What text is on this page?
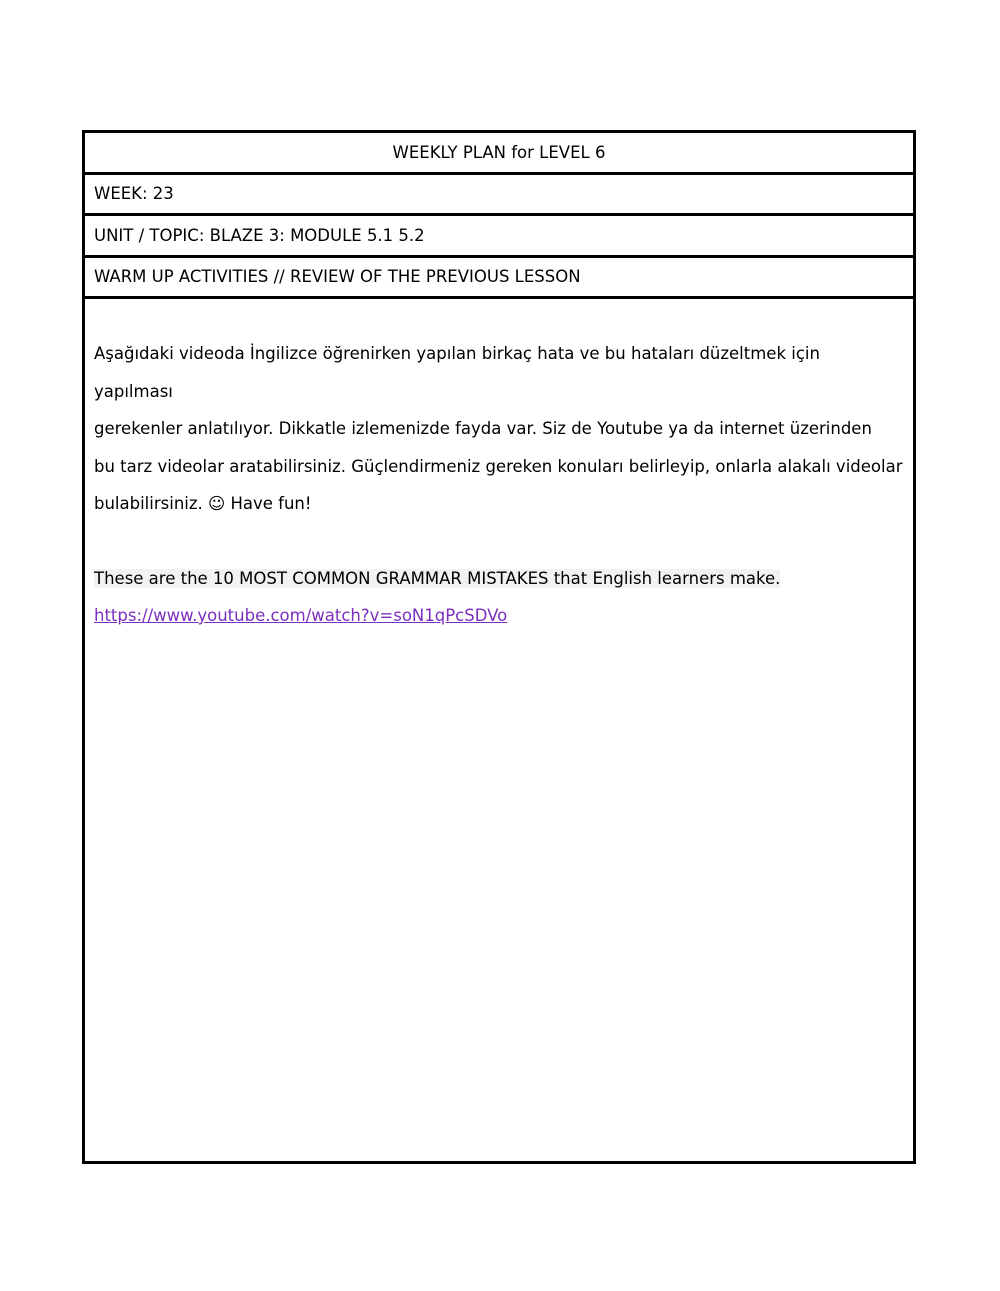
WEEKLY PLAN for LEVEL 6
WEEK: 23
UNIT / TOPIC: BLAZE 3: MODULE 5.1 5.2
WARM UP ACTIVITIES // REVIEW OF THE PREVIOUS LESSON

Aşağıdaki videoda İngilizce öğrenirken yapılan birkaç hata ve bu hataları düzeltmek için yapılması

gerekenler anlatılıyor. Dikkatle izlemenizde fayda var. Siz de Youtube ya da internet üzerinden

bu tarz videolar aratabilirsiniz. Güçlendirmeniz gereken konuları belirleyip, onlarla alakalı videolar

bulabilirsiniz. ☺ Have fun!

These are the 10 MOST COMMON GRAMMAR MISTAKES that English learners make.

https://www.youtube.com/watch?v=soN1qPcSDVo
